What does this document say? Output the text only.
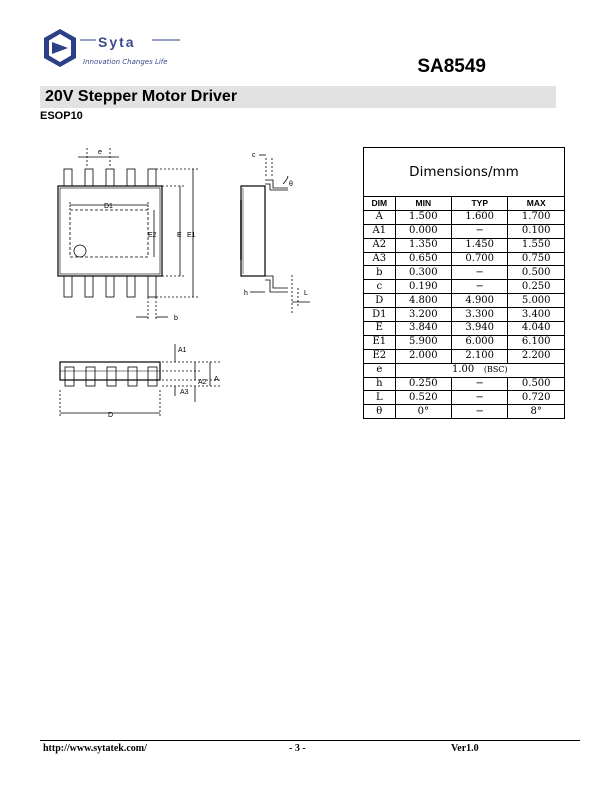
Syta
Innovation Changes Life	SA8549
20V Stepper Motor Driver
ESOP10
e
D1
E2	E E1
b
c
θ
h	L
A1
A2 A
A3
D
Dimensions/mm			
DIM	MIN	TYP	MAX
A	1.500	1.600	1.700
A1	0.000	−	0.100
A2	1.350	1.450	1.550
A3	0.650	0.700	0.750
b	0.300	−	0.500
c	0.190	−	0.250
D	4.800	4.900	5.000
D1	3.200	3.300	3.400
E	3.840	3.940	4.040
E1	5.900	6.000	6.100
E2	2.000	2.100	2.200
e	1.00 (BSC)		
h	0.250	−	0.500
L	0.520	−	0.720
θ	0°	−	8°
http://www.sytatek.com/	- 3 -	Ver1.0
